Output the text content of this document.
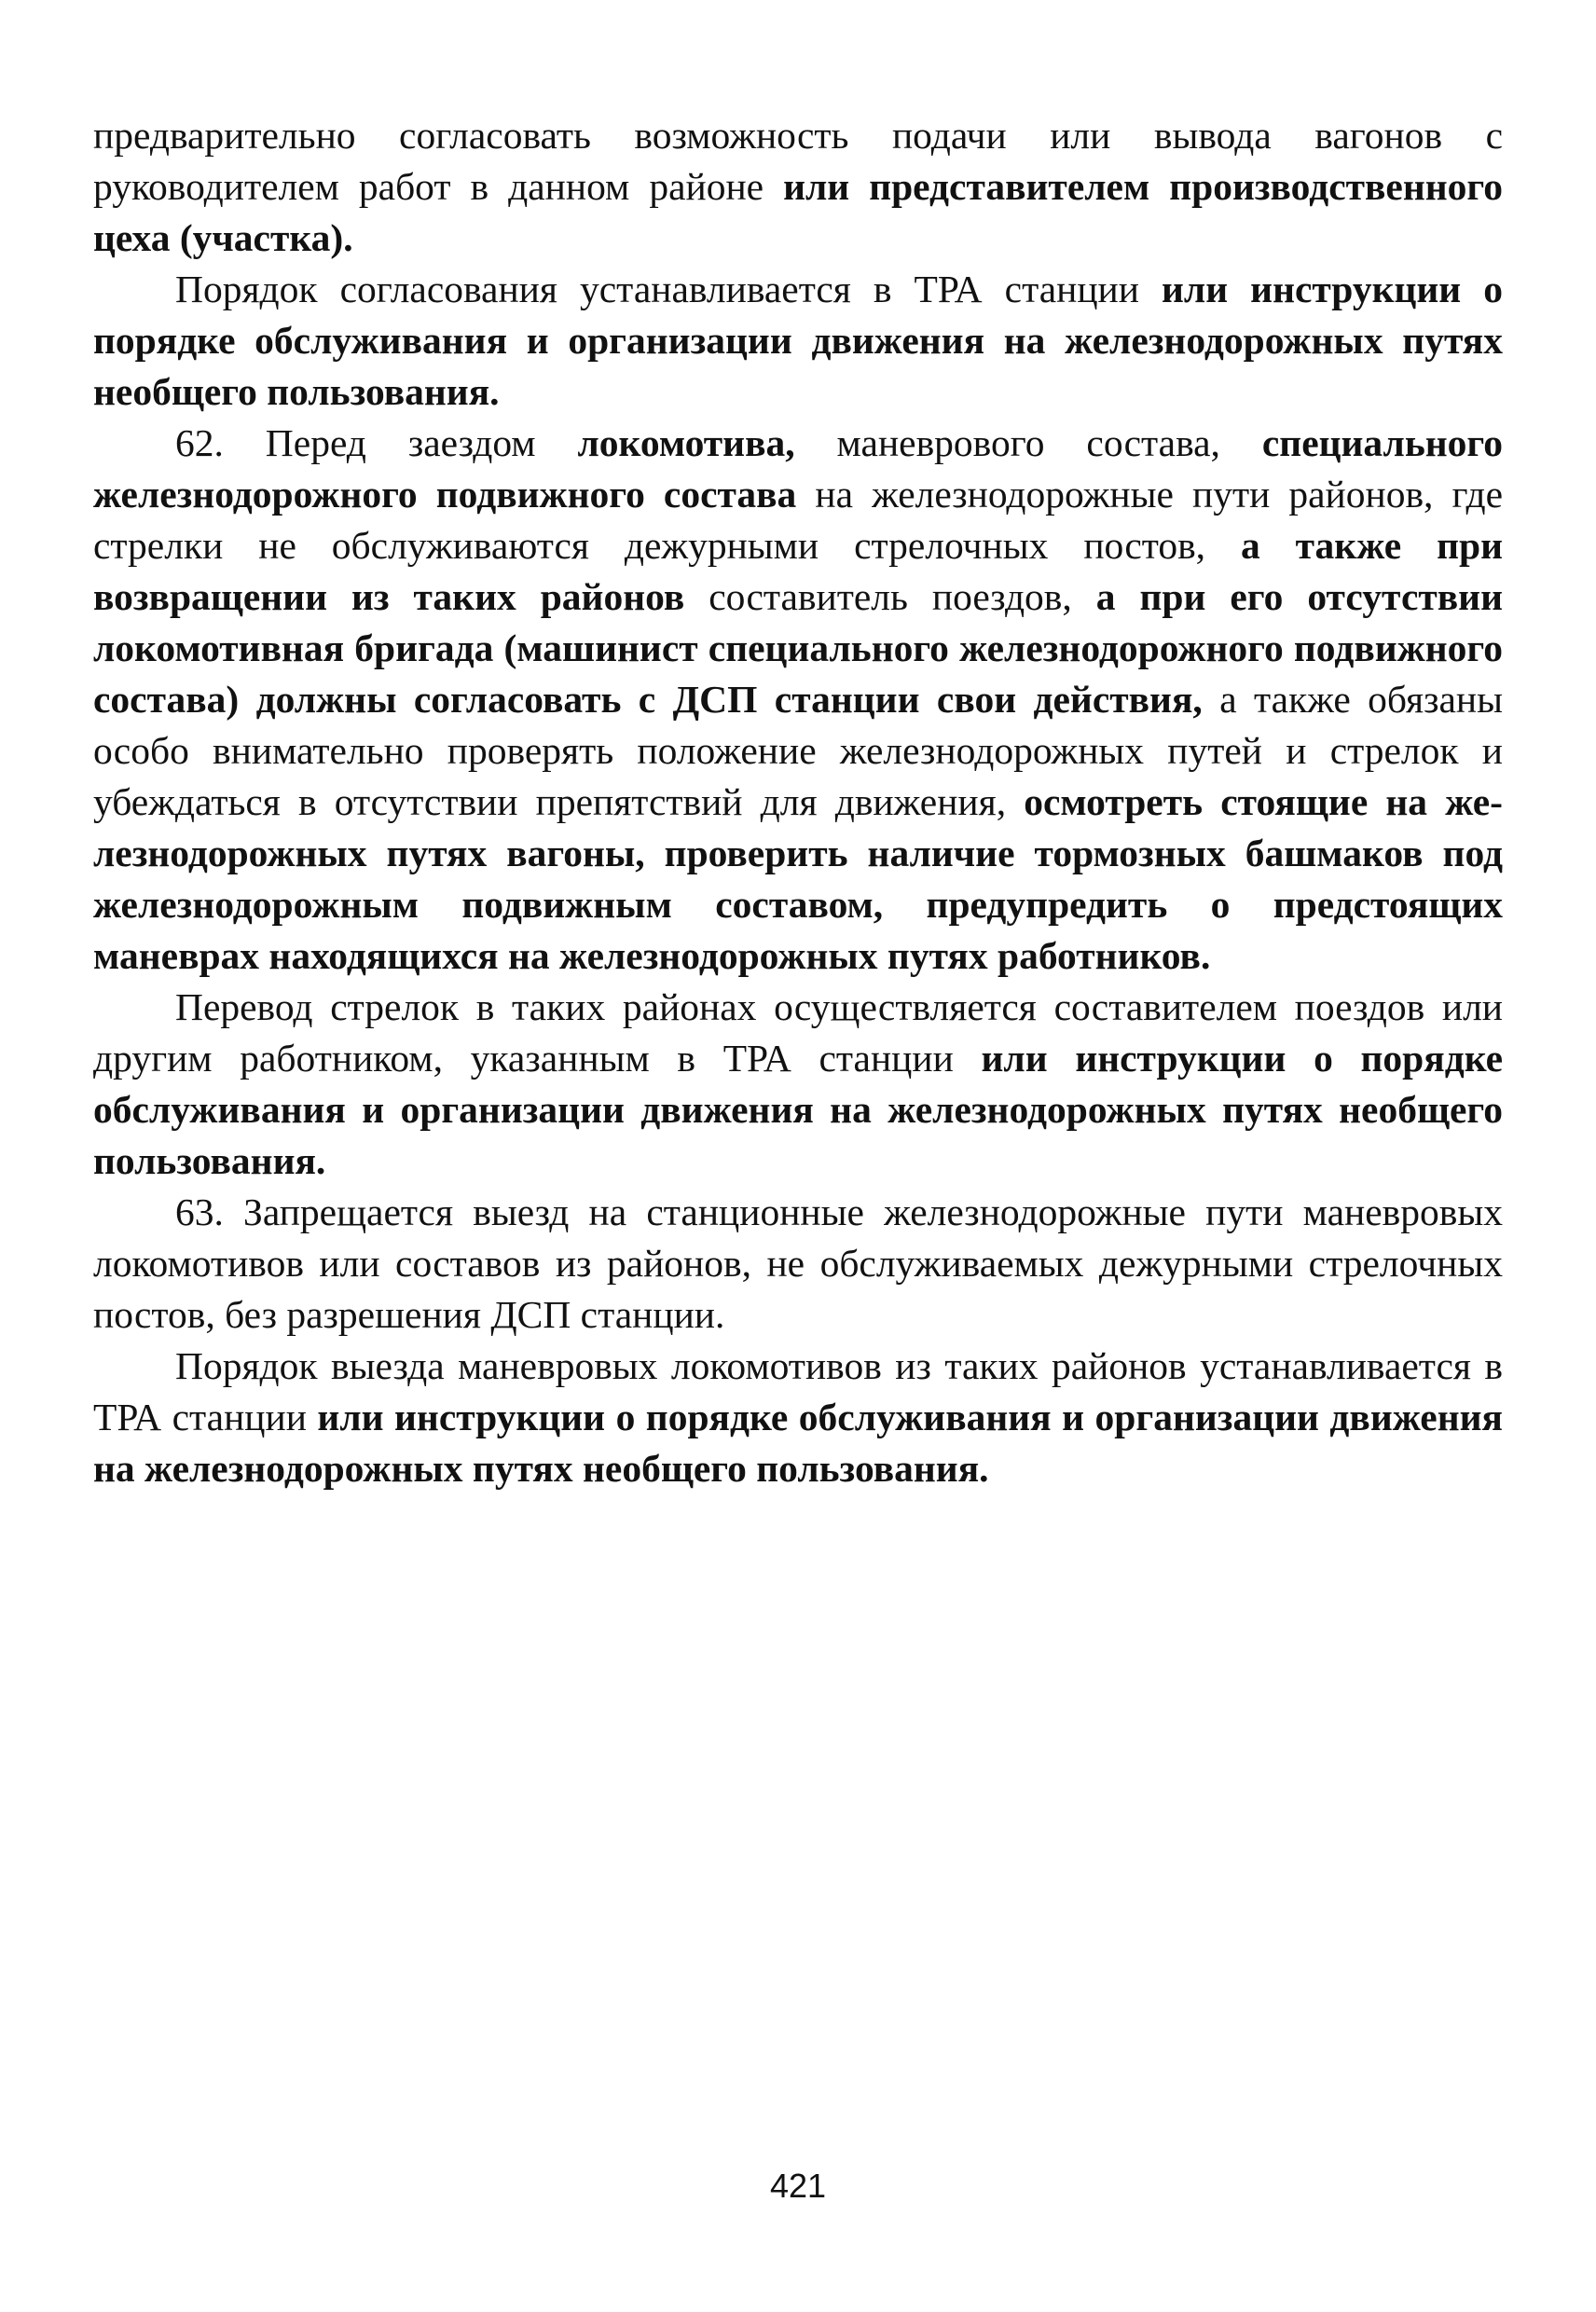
предварительно согласовать возможность подачи или вывода вагонов с руководителем работ в данном районе или представителем производственного цеха (участка).

Порядок согласования устанавливается в ТРА станции или инструкции о порядке обслуживания и организации движения на железнодорожных путях необщего пользования.

62. Перед заездом локомотива, маневрового состава, специального железнодорожного подвижного состава на железнодорожные пути районов, где стрелки не обслуживаются дежурными стрелочных постов, а также при возвращении из таких районов составитель поездов, а при его отсутствии локомотивная бригада (машинист специального железнодорожного подвижного состава) должны согласовать с ДСП станции свои действия, а также обязаны особо внимательно проверять положение железнодорожных путей и стрелок и убеждаться в отсутствии препятствий для движения, осмотреть стоящие на железнодорожных путях вагоны, проверить наличие тормозных башмаков под железнодорожным подвижным составом, предупредить о предстоящих маневрах находящихся на железнодорожных путях работников.

Перевод стрелок в таких районах осуществляется составителем поездов или другим работником, указанным в ТРА станции или инструкции о порядке обслуживания и организации движения на железнодорожных путях необщего пользования.

63. Запрещается выезд на станционные железнодорожные пути маневровых локомотивов или составов из районов, не обслуживаемых дежурными стрелочных постов, без разрешения ДСП станции.

Порядок выезда маневровых локомотивов из таких районов устанавливается в ТРА станции или инструкции о порядке обслуживания и организации движения на железнодорожных путях необщего пользования.

421
